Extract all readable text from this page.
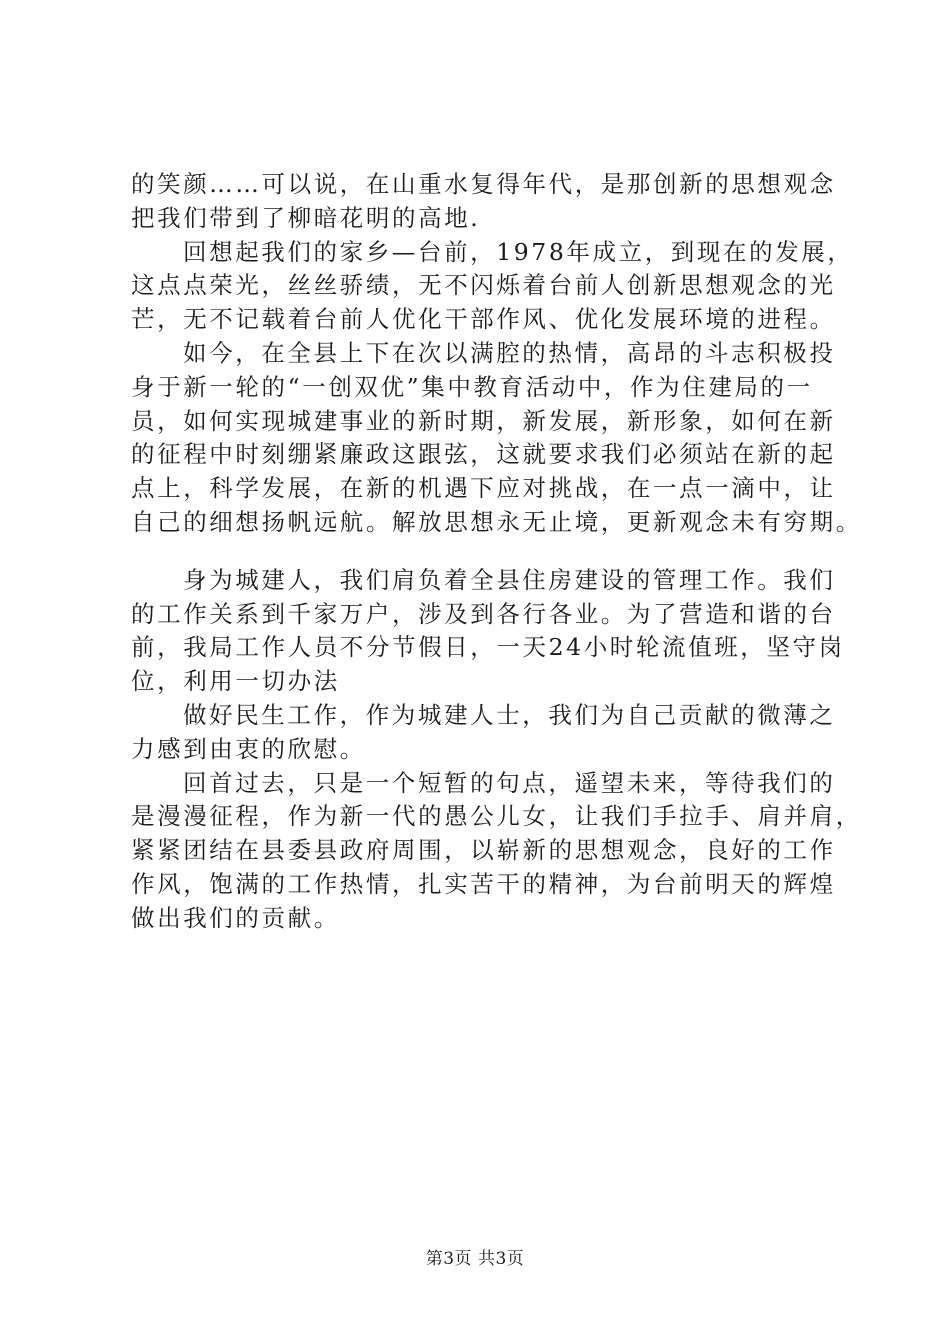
的笑颜……可以说，在山重水复得年代，是那创新的思想观念
把我们带到了柳暗花明的高地.
回想起我们的家乡—台前，1978年成立，到现在的发展，
这点点荣光，丝丝骄绩，无不闪烁着台前人创新思想观念的光
芒，无不记载着台前人优化干部作风、优化发展环境的进程。
如今，在全县上下在次以满腔的热情，高昂的斗志积极投
身于新一轮的“一创双优”集中教育活动中，作为住建局的一
员，如何实现城建事业的新时期，新发展，新形象，如何在新
的征程中时刻绷紧廉政这跟弦，这就要求我们必须站在新的起
点上，科学发展，在新的机遇下应对挑战，在一点一滴中，让
自己的细想扬帆远航。解放思想永无止境，更新观念未有穷期。
身为城建人，我们肩负着全县住房建设的管理工作。我们
的工作关系到千家万户，涉及到各行各业。为了营造和谐的台
前，我局工作人员不分节假日，一天24小时轮流值班，坚守岗
位，利用一切办法
做好民生工作，作为城建人士，我们为自己贡献的微薄之
力感到由衷的欣慰。
回首过去，只是一个短暂的句点，遥望未来，等待我们的
是漫漫征程，作为新一代的愚公儿女，让我们手拉手、肩并肩，
紧紧团结在县委县政府周围，以崭新的思想观念，良好的工作
作风，饱满的工作热情，扎实苦干的精神，为台前明天的辉煌
做出我们的贡献。
第3页 共3页
